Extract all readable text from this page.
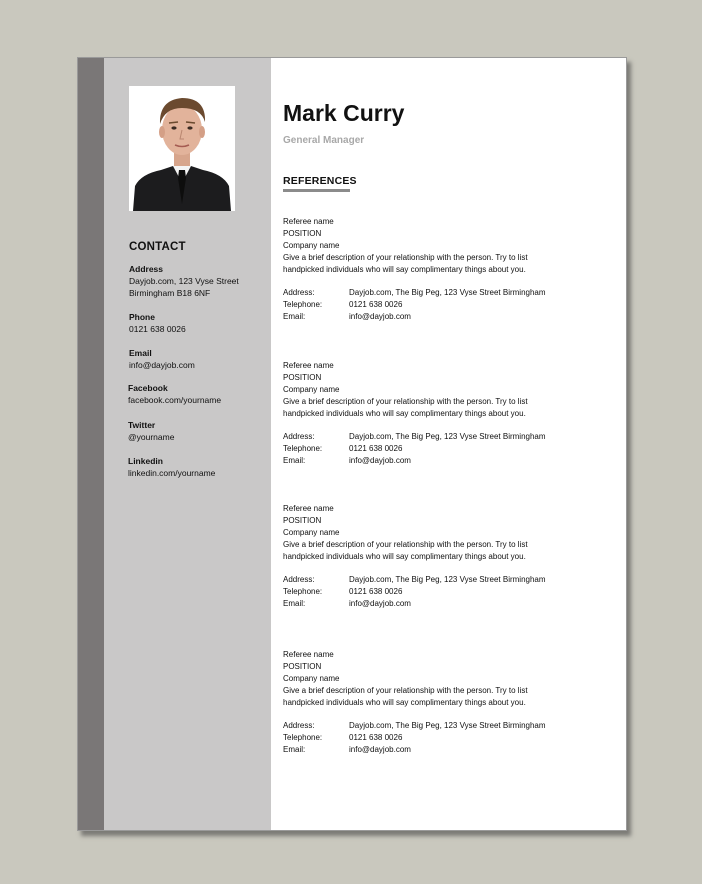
CONTACT
Address
Dayjob.com, 123 Vyse Street
Birmingham B18 6NF
Phone
0121 638 0026
Email
info@dayjob.com
Facebook
facebook.com/yourname
Twitter
@yourname
Linkedin
linkedin.com/yourname
Mark Curry
General Manager
REFERENCES
Referee name
POSITION
Company name
Give a brief description of your relationship with the person. Try to list
handpicked individuals who will say complimentary things about you.
Address:	Dayjob.com, The Big Peg, 123 Vyse Street Birmingham
Telephone:	0121 638 0026
Email:	info@dayjob.com
Referee name
POSITION
Company name
Give a brief description of your relationship with the person. Try to list
handpicked individuals who will say complimentary things about you.
Address:	Dayjob.com, The Big Peg, 123 Vyse Street Birmingham
Telephone:	0121 638 0026
Email:	info@dayjob.com
Referee name
POSITION
Company name
Give a brief description of your relationship with the person. Try to list
handpicked individuals who will say complimentary things about you.
Address:	Dayjob.com, The Big Peg, 123 Vyse Street Birmingham
Telephone:	0121 638 0026
Email:	info@dayjob.com
Referee name
POSITION
Company name
Give a brief description of your relationship with the person. Try to list
handpicked individuals who will say complimentary things about you.
Address:	Dayjob.com, The Big Peg, 123 Vyse Street Birmingham
Telephone:	0121 638 0026
Email:	info@dayjob.com
